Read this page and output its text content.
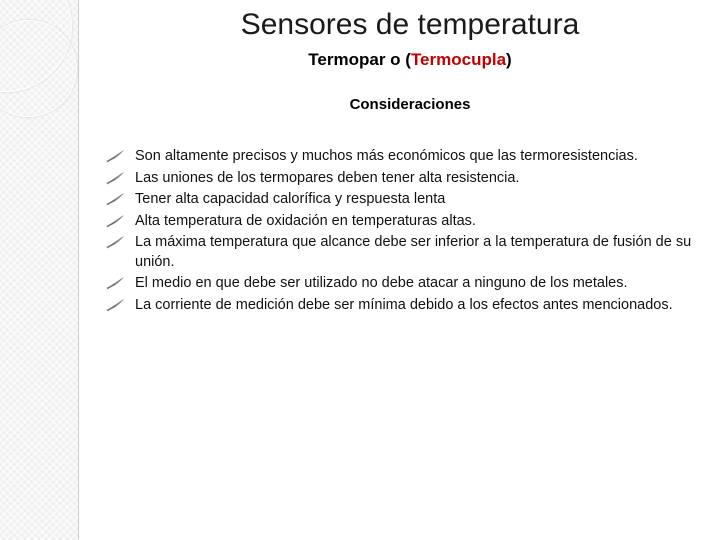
Sensores de temperatura

Termopar o (Termocupla)

Consideraciones

Son altamente precisos y muchos más económicos que las termoresistencias.
Las uniones de los termopares deben tener alta resistencia.
Tener alta capacidad calorífica y respuesta lenta
Alta temperatura de oxidación en temperaturas altas.
La máxima temperatura que alcance debe ser inferior a la temperatura de fusión de su unión.
El medio en que debe ser utilizado no debe atacar a ninguno de los metales.
La corriente de medición debe ser mínima debido a los efectos antes mencionados.
